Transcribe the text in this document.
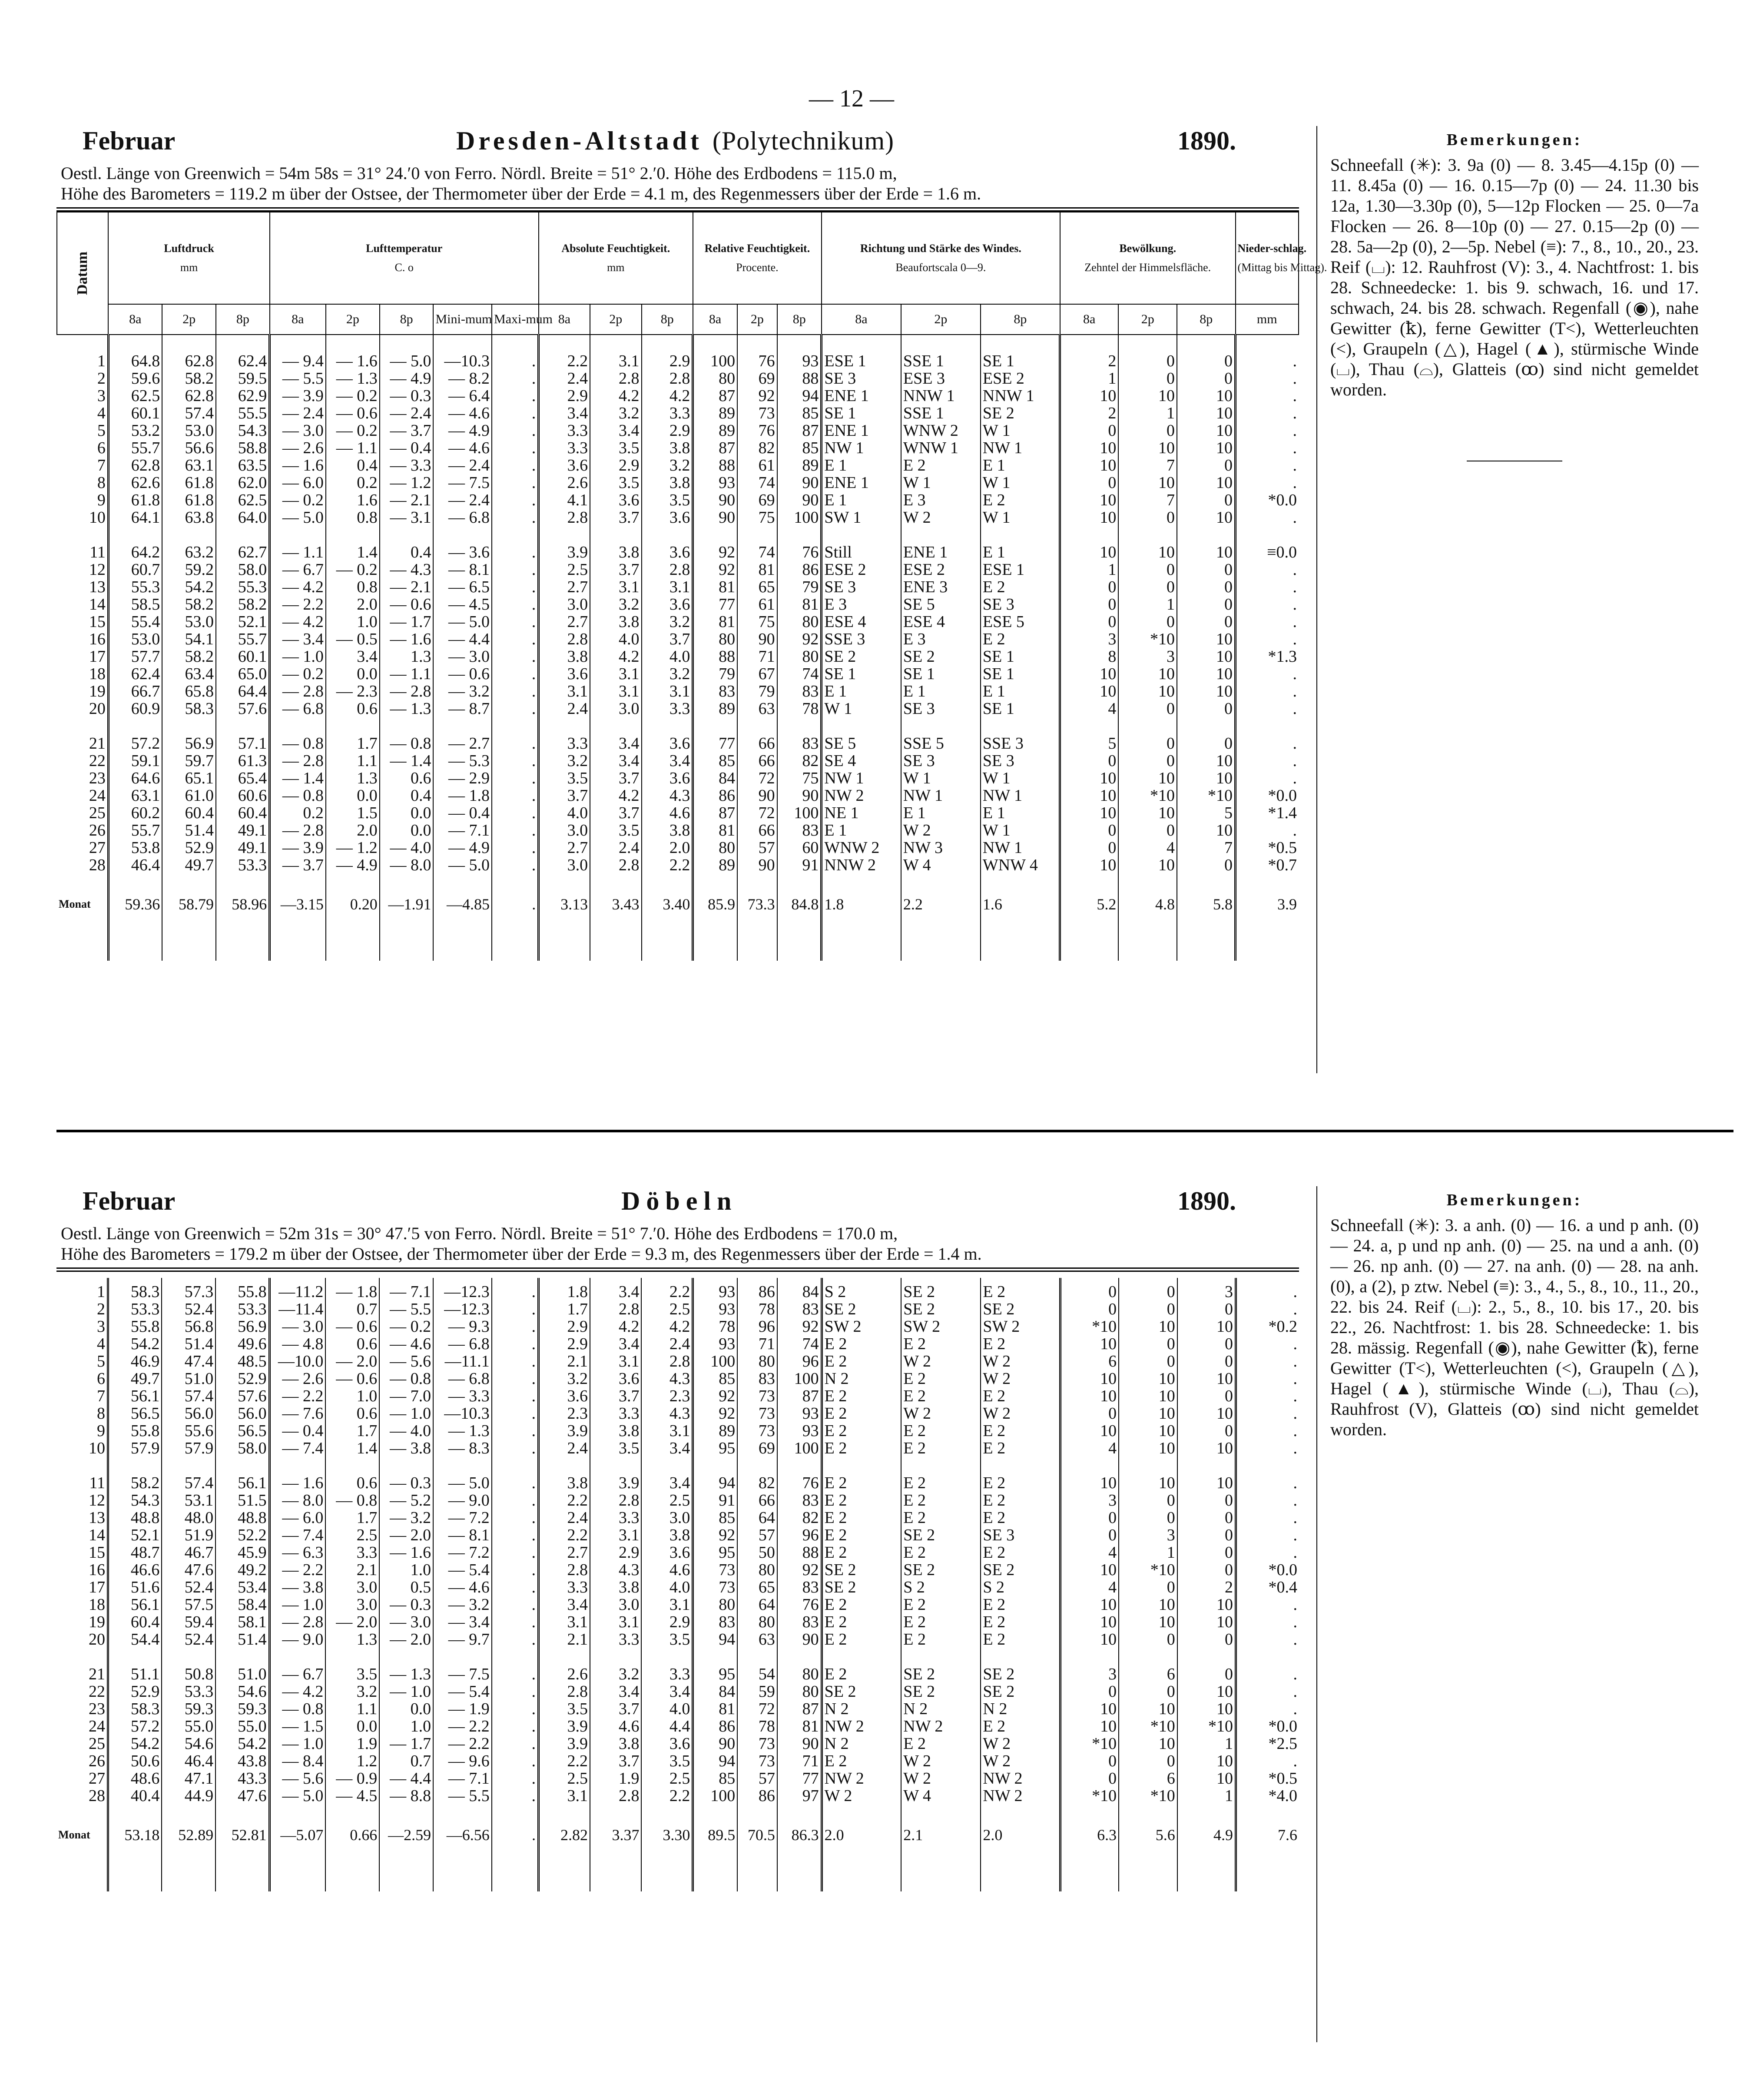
— 12 —
Februar	Dresden-Altstadt (Polytechnikum)	1890.
Oestl. Länge von Greenwich = 54m 58s = 31° 24.′0 von Ferro. Nördl. Breite = 51° 2.′0. Höhe des Erdbodens = 115.0 m,
Höhe des Barometers = 119.2 m über der Ostsee, der Thermometer über der Erde = 4.1 m, des Regenmessers über der Erde = 1.6 m.
Datum	Luftdruck
mm			Lufttemperatur
C. o					Absolute Feuchtigkeit.
mm			Relative Feuchtigkeit.
Procente.			Richtung und Stärke des Windes.
Beaufortscala 0—9.			Bewölkung.
Zehntel der Himmelsfläche.			Nieder-schlag.
(Mittag bis Mittag).

	8a	2p	8p	8a	2p	8p	Mini-mum	Maxi-mum	8a	2p	8p	8a	2p	8p	8a	2p	8p	8a	2p	8p	mm

1	64.8	62.8	62.4	— 9.4	— 1.6	— 5.0	—10.3	.	2.2	3.1	2.9	100	76	93	ESE 1	SSE 1	SE 1	2	0	0	.
2	59.6	58.2	59.5	— 5.5	— 1.3	— 4.9	— 8.2	.	2.4	2.8	2.8	80	69	88	SE 3	ESE 3	ESE 2	1	0	0	.
3	62.5	62.8	62.9	— 3.9	— 0.2	— 0.3	— 6.4	.	2.9	4.2	4.2	87	92	94	ENE 1	NNW 1	NNW 1	10	10	10	.
4	60.1	57.4	55.5	— 2.4	— 0.6	— 2.4	— 4.6	.	3.4	3.2	3.3	89	73	85	SE 1	SSE 1	SE 2	2	1	10	.
5	53.2	53.0	54.3	— 3.0	— 0.2	— 3.7	— 4.9	.	3.3	3.4	2.9	89	76	87	ENE 1	WNW 2	W 1	0	0	10	.
6	55.7	56.6	58.8	— 2.6	— 1.1	— 0.4	— 4.6	.	3.3	3.5	3.8	87	82	85	NW 1	WNW 1	NW 1	10	10	10	.
7	62.8	63.1	63.5	— 1.6	0.4	— 3.3	— 2.4	.	3.6	2.9	3.2	88	61	89	E 1	E 2	E 1	10	7	0	.
8	62.6	61.8	62.0	— 6.0	0.2	— 1.2	— 7.5	.	2.6	3.5	3.8	93	74	90	ENE 1	W 1	W 1	0	10	10	.
9	61.8	61.8	62.5	— 0.2	1.6	— 2.1	— 2.4	.	4.1	3.6	3.5	90	69	90	E 1	E 3	E 2	10	7	0	*0.0
10	64.1	63.8	64.0	— 5.0	0.8	— 3.1	— 6.8	.	2.8	3.7	3.6	90	75	100	SW 1	W 2	W 1	10	0	10	.

11	64.2	63.2	62.7	— 1.1	1.4	0.4	— 3.6	.	3.9	3.8	3.6	92	74	76	Still	ENE 1	E 1	10	10	10	≡0.0
12	60.7	59.2	58.0	— 6.7	— 0.2	— 4.3	— 8.1	.	2.5	3.7	2.8	92	81	86	ESE 2	ESE 2	ESE 1	1	0	0	.
13	55.3	54.2	55.3	— 4.2	0.8	— 2.1	— 6.5	.	2.7	3.1	3.1	81	65	79	SE 3	ENE 3	E 2	0	0	0	.
14	58.5	58.2	58.2	— 2.2	2.0	— 0.6	— 4.5	.	3.0	3.2	3.6	77	61	81	E 3	SE 5	SE 3	0	1	0	.
15	55.4	53.0	52.1	— 4.2	1.0	— 1.7	— 5.0	.	2.7	3.8	3.2	81	75	80	ESE 4	ESE 4	ESE 5	0	0	0	.
16	53.0	54.1	55.7	— 3.4	— 0.5	— 1.6	— 4.4	.	2.8	4.0	3.7	80	90	92	SSE 3	E 3	E 2	3	*10	10	.
17	57.7	58.2	60.1	— 1.0	3.4	1.3	— 3.0	.	3.8	4.2	4.0	88	71	80	SE 2	SE 2	SE 1	8	3	10	*1.3
18	62.4	63.4	65.0	— 0.2	0.0	— 1.1	— 0.6	.	3.6	3.1	3.2	79	67	74	SE 1	SE 1	SE 1	10	10	10	.
19	66.7	65.8	64.4	— 2.8	— 2.3	— 2.8	— 3.2	.	3.1	3.1	3.1	83	79	83	E 1	E 1	E 1	10	10	10	.
20	60.9	58.3	57.6	— 6.8	0.6	— 1.3	— 8.7	.	2.4	3.0	3.3	89	63	78	W 1	SE 3	SE 1	4	0	0	.

21	57.2	56.9	57.1	— 0.8	1.7	— 0.8	— 2.7	.	3.3	3.4	3.6	77	66	83	SE 5	SSE 5	SSE 3	5	0	0	.
22	59.1	59.7	61.3	— 2.8	1.1	— 1.4	— 5.3	.	3.2	3.4	3.4	85	66	82	SE 4	SE 3	SE 3	0	0	10	.
23	64.6	65.1	65.4	— 1.4	1.3	0.6	— 2.9	.	3.5	3.7	3.6	84	72	75	NW 1	W 1	W 1	10	10	10	.
24	63.1	61.0	60.6	— 0.8	0.0	0.4	— 1.8	.	3.7	4.2	4.3	86	90	90	NW 2	NW 1	NW 1	10	*10	*10	*0.0
25	60.2	60.4	60.4	0.2	1.5	0.0	— 0.4	.	4.0	3.7	4.6	87	72	100	NE 1	E 1	E 1	10	10	5	*1.4
26	55.7	51.4	49.1	— 2.8	2.0	0.0	— 7.1	.	3.0	3.5	3.8	81	66	83	E 1	W 2	W 1	0	0	10	.
27	53.8	52.9	49.1	— 3.9	— 1.2	— 4.0	— 4.9	.	2.7	2.4	2.0	80	57	60	WNW 2	NW 3	NW 1	0	4	7	*0.5
28	46.4	49.7	53.3	— 3.7	— 4.9	— 8.0	— 5.0	.	3.0	2.8	2.2	89	90	91	NNW 2	W 4	WNW 4	10	10	0	*0.7
Monat	59.36	58.79	58.96	—3.15	0.20	—1.91	—4.85	.	3.13	3.43	3.40	85.9	73.3	84.8	1.8	2.2	1.6	5.2	4.8	5.8	3.9

Bemerkungen:

Schneefall (✳): 3. 9a (0) — 8. 3.45—4.15p (0) — 11. 8.45a (0) — 16. 0.15—7p (0) — 24. 11.30 bis 12a, 1.30—3.30p (0), 5—12p Flocken — 25. 0—7a Flocken — 26. 8—10p (0) — 27. 0.15—2p (0) — 28. 5a—2p (0), 2—5p. Nebel (≡): 7., 8., 10., 20., 23. Reif (⌴): 12. Rauhfrost (V): 3., 4. Nachtfrost: 1. bis 28. Schneedecke: 1. bis 9. schwach, 16. und 17. schwach, 24. bis 28. schwach. Regenfall (◉), nahe Gewitter (ꝁ), ferne Gewitter (T<), Wetterleuchten (<), Graupeln (△), Hagel (▲), stürmische Winde (⌴), Thau (⌓), Glatteis (ꝏ) sind nicht gemeldet worden.

Februar	Döbeln	1890.
Oestl. Länge von Greenwich = 52m 31s = 30° 47.′5 von Ferro. Nördl. Breite = 51° 7.′0. Höhe des Erdbodens = 170.0 m,
Höhe des Barometers = 179.2 m über der Ostsee, der Thermometer über der Erde = 9.3 m, des Regenmessers über der Erde = 1.4 m.

1	58.3	57.3	55.8	—11.2	— 1.8	— 7.1	—12.3	.	1.8	3.4	2.2	93	86	84	S 2	SE 2	E 2	0	0	3	.
2	53.3	52.4	53.3	—11.4	0.7	— 5.5	—12.3	.	1.7	2.8	2.5	93	78	83	SE 2	SE 2	SE 2	0	0	0	.
3	55.8	56.8	56.9	— 3.0	— 0.6	— 0.2	— 9.3	.	2.9	4.2	4.2	78	96	92	SW 2	SW 2	SW 2	*10	10	10	*0.2
4	54.2	51.4	49.6	— 4.8	0.6	— 4.6	— 6.8	.	2.9	3.4	2.4	93	71	74	E 2	E 2	E 2	10	0	0	.
5	46.9	47.4	48.5	—10.0	— 2.0	— 5.6	—11.1	.	2.1	3.1	2.8	100	80	96	E 2	W 2	W 2	6	0	0	.
6	49.7	51.0	52.9	— 2.6	— 0.6	— 0.8	— 6.8	.	3.2	3.6	4.3	85	83	100	N 2	E 2	W 2	10	10	10	.
7	56.1	57.4	57.6	— 2.2	1.0	— 7.0	— 3.3	.	3.6	3.7	2.3	92	73	87	E 2	E 2	E 2	10	10	0	.
8	56.5	56.0	56.0	— 7.6	0.6	— 1.0	—10.3	.	2.3	3.3	4.3	92	73	93	E 2	W 2	W 2	0	10	10	.
9	55.8	55.6	56.5	— 0.4	1.7	— 4.0	— 1.3	.	3.9	3.8	3.1	89	73	93	E 2	E 2	E 2	10	10	0	.
10	57.9	57.9	58.0	— 7.4	1.4	— 3.8	— 8.3	.	2.4	3.5	3.4	95	69	100	E 2	E 2	E 2	4	10	10	.

11	58.2	57.4	56.1	— 1.6	0.6	— 0.3	— 5.0	.	3.8	3.9	3.4	94	82	76	E 2	E 2	E 2	10	10	10	.
12	54.3	53.1	51.5	— 8.0	— 0.8	— 5.2	— 9.0	.	2.2	2.8	2.5	91	66	83	E 2	E 2	E 2	3	0	0	.
13	48.8	48.0	48.8	— 6.0	1.7	— 3.2	— 7.2	.	2.4	3.3	3.0	85	64	82	E 2	E 2	E 2	0	0	0	.
14	52.1	51.9	52.2	— 7.4	2.5	— 2.0	— 8.1	.	2.2	3.1	3.8	92	57	96	E 2	SE 2	SE 3	0	3	0	.
15	48.7	46.7	45.9	— 6.3	3.3	— 1.6	— 7.2	.	2.7	2.9	3.6	95	50	88	E 2	E 2	E 2	4	1	0	.
16	46.6	47.6	49.2	— 2.2	2.1	1.0	— 5.4	.	2.8	4.3	4.6	73	80	92	SE 2	SE 2	SE 2	10	*10	0	*0.0
17	51.6	52.4	53.4	— 3.8	3.0	0.5	— 4.6	.	3.3	3.8	4.0	73	65	83	SE 2	S 2	S 2	4	0	2	*0.4
18	56.1	57.5	58.4	— 1.0	3.0	— 0.3	— 3.2	.	3.4	3.0	3.1	80	64	76	E 2	E 2	E 2	10	10	10	.
19	60.4	59.4	58.1	— 2.8	— 2.0	— 3.0	— 3.4	.	3.1	3.1	2.9	83	80	83	E 2	E 2	E 2	10	10	10	.
20	54.4	52.4	51.4	— 9.0	1.3	— 2.0	— 9.7	.	2.1	3.3	3.5	94	63	90	E 2	E 2	E 2	10	0	0	.

21	51.1	50.8	51.0	— 6.7	3.5	— 1.3	— 7.5	.	2.6	3.2	3.3	95	54	80	E 2	SE 2	SE 2	3	6	0	.
22	52.9	53.3	54.6	— 4.2	3.2	— 1.0	— 5.4	.	2.8	3.4	3.4	84	59	80	SE 2	SE 2	SE 2	0	0	10	.
23	58.3	59.3	59.3	— 0.8	1.1	0.0	— 1.9	.	3.5	3.7	4.0	81	72	87	N 2	N 2	N 2	10	10	10	.
24	57.2	55.0	55.0	— 1.5	0.0	1.0	— 2.2	.	3.9	4.6	4.4	86	78	81	NW 2	NW 2	E 2	10	*10	*10	*0.0
25	54.2	54.6	54.2	— 1.0	1.9	— 1.7	— 2.2	.	3.9	3.8	3.6	90	73	90	N 2	E 2	W 2	*10	10	1	*2.5
26	50.6	46.4	43.8	— 8.4	1.2	0.7	— 9.6	.	2.2	3.7	3.5	94	73	71	E 2	W 2	W 2	0	0	10	.
27	48.6	47.1	43.3	— 5.6	— 0.9	— 4.4	— 7.1	.	2.5	1.9	2.5	85	57	77	NW 2	W 2	NW 2	0	6	10	*0.5
28	40.4	44.9	47.6	— 5.0	— 4.5	— 8.8	— 5.5	.	3.1	2.8	2.2	100	86	97	W 2	W 4	NW 2	*10	*10	1	*4.0
Monat	53.18	52.89	52.81	—5.07	0.66	—2.59	—6.56	.	2.82	3.37	3.30	89.5	70.5	86.3	2.0	2.1	2.0	6.3	5.6	4.9	7.6

Bemerkungen:

Schneefall (✳): 3. a anh. (0) — 16. a und p anh. (0) — 24. a, p und np anh. (0) — 25. na und a anh. (0) — 26. np anh. (0) — 27. na anh. (0) — 28. na anh. (0), a (2), p ztw. Nebel (≡): 3., 4., 5., 8., 10., 11., 20., 22. bis 24. Reif (⌴): 2., 5., 8., 10. bis 17., 20. bis 22., 26. Nachtfrost: 1. bis 28. Schneedecke: 1. bis 28. mässig. Regenfall (◉), nahe Gewitter (ꝁ), ferne Gewitter (T<), Wetterleuchten (<), Graupeln (△), Hagel (▲), stürmische Winde (⌴), Thau (⌓), Rauhfrost (V), Glatteis (ꝏ) sind nicht gemeldet worden.
